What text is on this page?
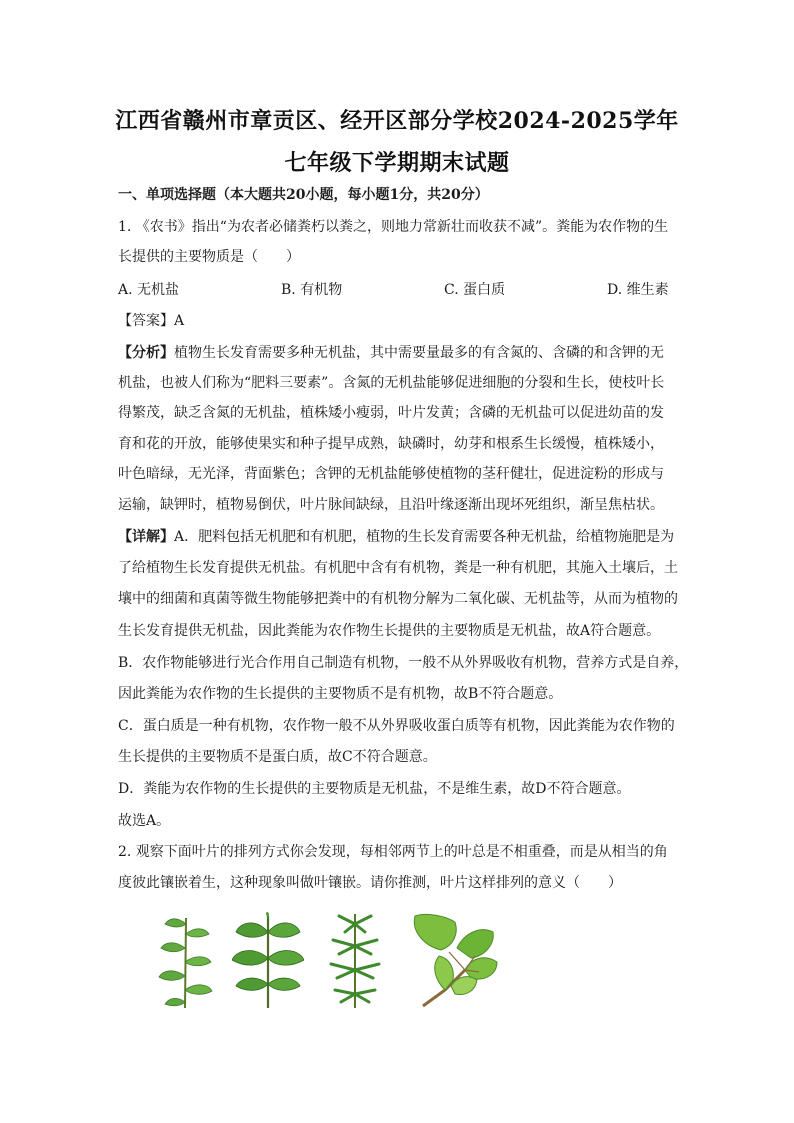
江西省赣州市章贡区、经开区部分学校2024-2025学年
七年级下学期期末试题
一、单项选择题（本大题共20小题，每小题1分，共20分）
1. 《农书》指出“为农者必储粪朽以粪之，则地力常新壮而收获不减”。粪能为农作物的生
长提供的主要物质是（　　）
A. 无机盐	B. 有机物	C. 蛋白质	D. 维生素
【答案】A
【分析】植物生长发育需要多种无机盐，其中需要量最多的有含氮的、含磷的和含钾的无
机盐，也被人们称为“肥料三要素”。含氮的无机盐能够促进细胞的分裂和生长，使枝叶长
得繁茂，缺乏含氮的无机盐，植株矮小瘦弱，叶片发黄；含磷的无机盐可以促进幼苗的发
育和花的开放，能够使果实和种子提早成熟，缺磷时，幼芽和根系生长缓慢，植株矮小，
叶色暗绿，无光泽，背面紫色；含钾的无机盐能够使植物的茎秆健壮，促进淀粉的形成与
运输，缺钾时，植物易倒伏，叶片脉间缺绿，且沿叶缘逐渐出现坏死组织，渐呈焦枯状。
【详解】A．肥料包括无机肥和有机肥，植物的生长发育需要各种无机盐，给植物施肥是为
了给植物生长发育提供无机盐。有机肥中含有有机物，粪是一种有机肥，其施入土壤后，土
壤中的细菌和真菌等微生物能够把粪中的有机物分解为二氧化碳、无机盐等，从而为植物的
生长发育提供无机盐，因此粪能为农作物生长提供的主要物质是无机盐，故A符合题意。
B．农作物能够进行光合作用自己制造有机物，一般不从外界吸收有机物，营养方式是自养，
因此粪能为农作物的生长提供的主要物质不是有机物，故B不符合题意。
C．蛋白质是一种有机物，农作物一般不从外界吸收蛋白质等有机物，因此粪能为农作物的
生长提供的主要物质不是蛋白质，故C不符合题意。
D．粪能为农作物的生长提供的主要物质是无机盐，不是维生素，故D不符合题意。
故选A。
2. 观察下面叶片的排列方式你会发现，每相邻两节上的叶总是不相重叠，而是从相当的角
度彼此镶嵌着生，这种现象叫做叶镶嵌。请你推测，叶片这样排列的意义（　　）
